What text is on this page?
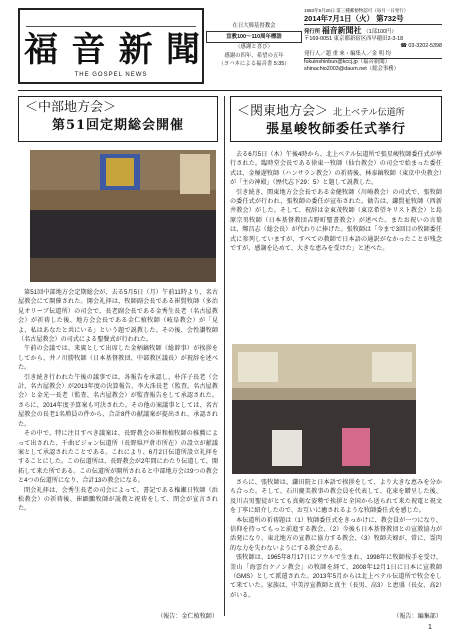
福 音 新 聞
THE GOSPEL NEWS
在日大韓基督教会
宣教100～110周年標語
（感謝と喜び）
感謝の四年、希望の五年
（ヨハネによる福音書 5:35）
1983年9月20日 第三種郵便物認可（毎月一日発行）
2014年7月1日（火） 第732号
発行所 福音新聞社 （1部100円）
〒169-0051 東京都新宿区西早稲田2-3-18
☎ 03-3202-5398
発行人／趙 重 來・編集人／金 明 均
fukuinshinbun@kccj.jp（福音新聞）
shinachio2003@daum.net（総会事務）
＜中部地方会＞
第51回定期総会開催

第51回中部地方会定期総会が、去る5月5日（月）午前11時より、名古屋教会にて開催された。開会礼拝は、牧師副会長である崔賢牧師（多治見オリーブ伝道所）の司会で、長老副会長である金秀生長老（名古屋教会）が祈祷した後、地方会会長である金仁植牧師（岐阜教会）が「見よ、私はあなたと共にいる」という題で説教した。その後、会性讃牧師（名古屋教会）の司式による聖餐式が行われた。

午前の会議では、来賓として出席した金柄鎬牧師（総幹事）が挨拶をしてから、井ノ川勝牧師（日本基督教団、中部教区議長）が祝辞を述べた。

引き続き行われた午後の議事では、各報告を承認し、朴洋子長老（会計、名古屋教会）が2013年度の決算報告、李大洙長老（監査、名古屋教会）と金光一長老（監査、名古屋教会）が監査報告をして承認された。さらに、2014年度予算案も可決された。その他の案議事としては、名古屋教会の長老1名増員の件から、合計8件の献議案が提出され、承認された。

その中で、特に注目すべき議案は、長野教会の崔和植牧師の推薦によって出された、千曲ピジョン伝道所（長野県戸倉市所在）の設立が献議案として承認されたことである。これにより、6月2日伝道所設立礼拝をすることにした。この伝道所は、長野教会が2年間にわたり伝道して、開拓して来た所である。この伝道所が開所されると中部地方会は9つの教会と4つの伝道所になり、合計13の教会になる。

閉会礼拝は、会秀生長老の司会によって、書記である権瀬日牧師（浜松教会）の祈祷後、崔顕鵬牧師が説教と祝祷をして、閉会が宣言された。

（報告：金仁植牧師）
＜関東地方会＞ 北上ベテル伝道所
張星峻牧師委任式挙行

去る6月5日（木）午後4時から、北上ベテル伝道所で張星峻牧師委任式が挙行された。臨時堂会長である徐東一牧師（仙台教会）の司会で始まった委任式は、金極遅牧師（ハンサラン教会）の祈祷後、林泰鎬牧師（東京中央教会）が「主の神殿」（歴代志下29：5）と題して説教した。

引き続き、関東地方会会長である金健牧師（川崎教会）の司式で、張牧師の委任式が行われ、張牧師の委任が宣布された。勧告は、鎌賢祉牧師（西新井教会）がした。そして、祝辞は金東茂牧師（東京希望キリスト教会）と島原宗男牧師（日本基督教団吉野町聖書教会）が述べた。またお祝いの言葉は、鄭昌志（総会長）が代わりに捧げた。張牧師は「今まで3回目の牧師委任式に参列していますが、すべての教師で日本語の通訳がなかったことが残念ですが、感謝を込めて、大きな恵みを受けた」と述べた。

さらに、張牧師は、鎌田院と日本語で挨拶をして、より大きな恵みを分かち合った。そして、石川慶美教事の教会員を代表して、花束を贈呈した後、及川吉男聖徒がとても真剣な姿勢で挨拶と全国から送られて来た祝電と祝文を丁寧に紹介したので、お互いに癒されるような牧師委任式を感じた。

本伝道所の祈祷題は（1）牧師委任式をきっかけに、教会員が一つになり、信仰を持ってもっと前進する教会、（2）今後も日本基督教団との宣教協力が活発になり、東北地方の宣教に協力する教会、（3）牧師夫婦が、常に、霊肉的な力を失わないようにする教会である。

張牧師は、1965年8月17日にソウルで生まれ、1998年に牧師按手を受け、釜山「海雲台ケノン教会」の牧師を経て、2008年12月1日に日本に宣教師（GMS）として派遣された。2013年5月からは北上ベテル伝道所で牧会をして来ていた。家族は、中美淳宣教師と真主（長男、高3）と恵盛（長女、高2）がいる。

（報告：編集部）
1
